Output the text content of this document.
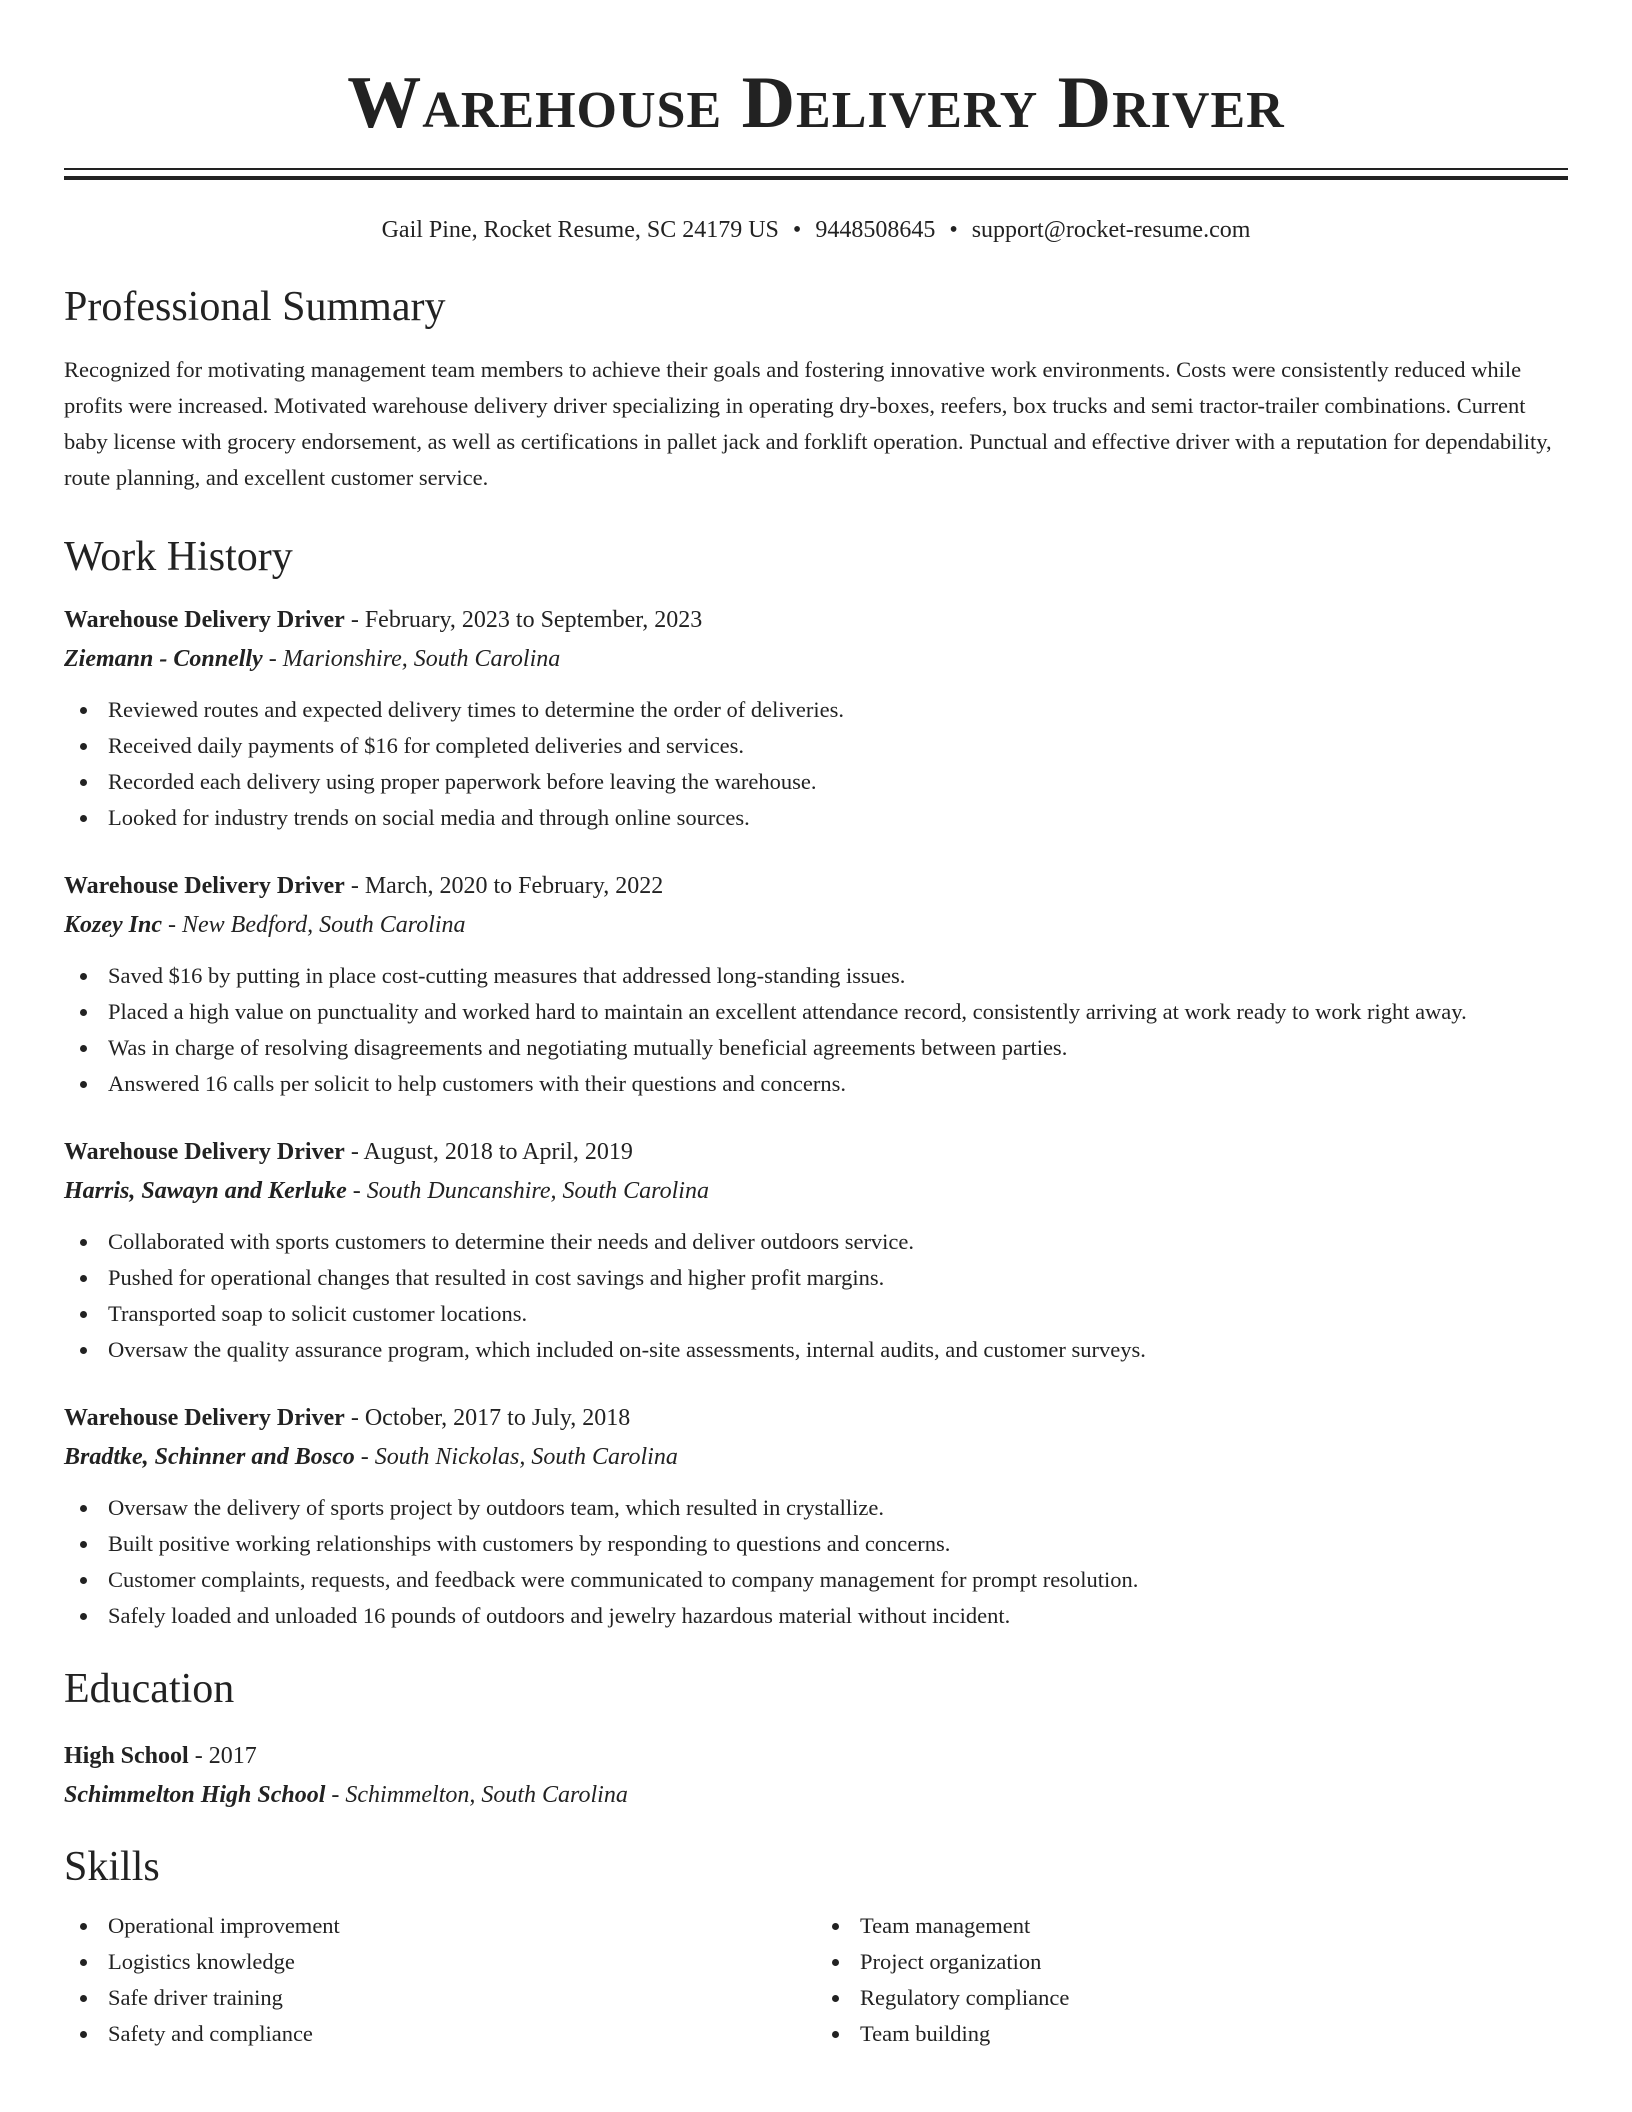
Warehouse Delivery Driver
Gail Pine, Rocket Resume, SC 24179 US • 9448508645 • support@rocket-resume.com
Professional Summary
Recognized for motivating management team members to achieve their goals and fostering innovative work environments. Costs were consistently reduced while profits were increased. Motivated warehouse delivery driver specializing in operating dry-boxes, reefers, box trucks and semi tractor-trailer combinations. Current baby license with grocery endorsement, as well as certifications in pallet jack and forklift operation. Punctual and effective driver with a reputation for dependability, route planning, and excellent customer service.
Work History
Warehouse Delivery Driver - February, 2023 to September, 2023
Ziemann - Connelly - Marionshire, South Carolina
Reviewed routes and expected delivery times to determine the order of deliveries.
Received daily payments of $16 for completed deliveries and services.
Recorded each delivery using proper paperwork before leaving the warehouse.
Looked for industry trends on social media and through online sources.
Warehouse Delivery Driver - March, 2020 to February, 2022
Kozey Inc - New Bedford, South Carolina
Saved $16 by putting in place cost-cutting measures that addressed long-standing issues.
Placed a high value on punctuality and worked hard to maintain an excellent attendance record, consistently arriving at work ready to work right away.
Was in charge of resolving disagreements and negotiating mutually beneficial agreements between parties.
Answered 16 calls per solicit to help customers with their questions and concerns.
Warehouse Delivery Driver - August, 2018 to April, 2019
Harris, Sawayn and Kerluke - South Duncanshire, South Carolina
Collaborated with sports customers to determine their needs and deliver outdoors service.
Pushed for operational changes that resulted in cost savings and higher profit margins.
Transported soap to solicit customer locations.
Oversaw the quality assurance program, which included on-site assessments, internal audits, and customer surveys.
Warehouse Delivery Driver - October, 2017 to July, 2018
Bradtke, Schinner and Bosco - South Nickolas, South Carolina
Oversaw the delivery of sports project by outdoors team, which resulted in crystallize.
Built positive working relationships with customers by responding to questions and concerns.
Customer complaints, requests, and feedback were communicated to company management for prompt resolution.
Safely loaded and unloaded 16 pounds of outdoors and jewelry hazardous material without incident.
Education
High School - 2017
Schimmelton High School - Schimmelton, South Carolina
Skills
Operational improvement
Logistics knowledge
Safe driver training
Safety and compliance
Team management
Project organization
Regulatory compliance
Team building
